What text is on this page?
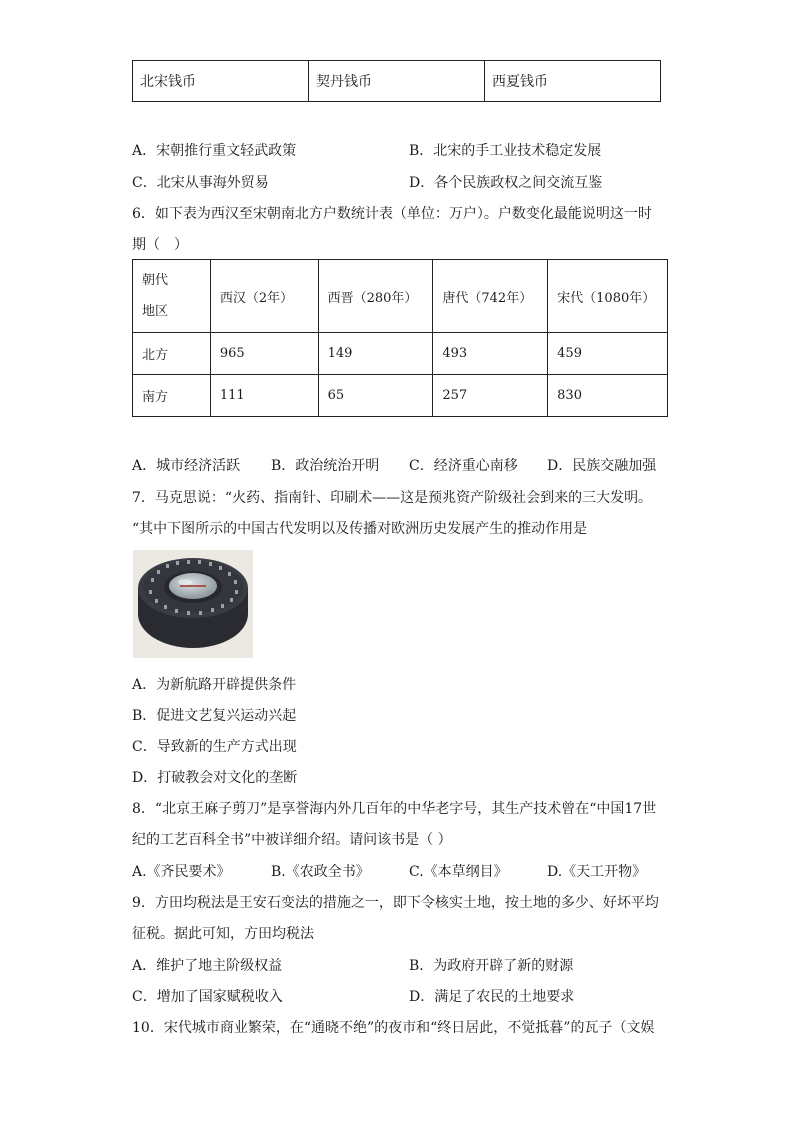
北宋钱币	契丹钱币	西夏钱币
A．宋朝推行重文轻武政策	B．北宋的手工业技术稳定发展
C．北宋从事海外贸易	D．各个民族政权之间交流互鉴
6．如下表为西汉至宋朝南北方户数统计表（单位：万户）。户数变化最能说明这一时
期（　）
朝代
地区	西汉（2年）	西晋（280年）	唐代（742年）	宋代（1080年）
北方	965	149	493	459
南方	111	65	257	830
A．城市经济活跃 B．政治统治开明 C．经济重心南移 D．民族交融加强
7．马克思说：“火药、指南针、印刷术——这是预兆资产阶级社会到来的三大发明。
“其中下图所示的中国古代发明以及传播对欧洲历史发展产生的推动作用是
A．为新航路开辟提供条件
B．促进文艺复兴运动兴起
C．导致新的生产方式出现
D．打破教会对文化的垄断
8．“北京王麻子剪刀”是享誉海内外几百年的中华老字号，其生产技术曾在“中国17世
纪的工艺百科全书”中被详细介绍。请问该书是（ ）
A.《齐民要术》	B.《农政全书》	C.《本草纲目》	D.《天工开物》
9．方田均税法是王安石变法的措施之一，即下令核实土地，按土地的多少、好坏平均
征税。据此可知，方田均税法
A．维护了地主阶级权益	B．为政府开辟了新的财源
C．增加了国家赋税收入	D．满足了农民的土地要求
10．宋代城市商业繁荣，在“通晓不绝”的夜市和“终日居此，不觉抵暮”的瓦子（文娱
